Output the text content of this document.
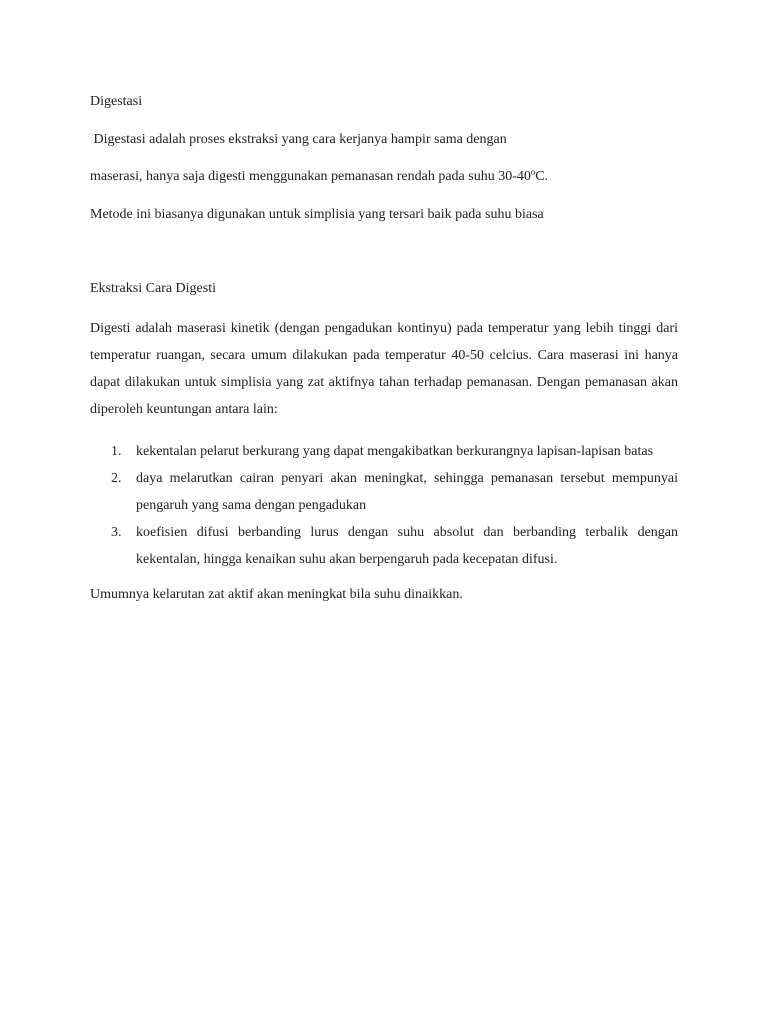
Digestasi

Digestasi adalah proses ekstraksi yang cara kerjanya hampir sama dengan

maserasi, hanya saja digesti menggunakan pemanasan rendah pada suhu 30-40ºC.

Metode ini biasanya digunakan untuk simplisia yang tersari baik pada suhu biasa

Ekstraksi Cara Digesti

Digesti adalah maserasi kinetik (dengan pengadukan kontinyu) pada temperatur yang lebih tinggi dari temperatur ruangan, secara umum dilakukan pada temperatur 40-50 celcius. Cara maserasi ini hanya dapat dilakukan untuk simplisia yang zat aktifnya tahan terhadap pemanasan. Dengan pemanasan akan diperoleh keuntungan antara lain:

1. kekentalan pelarut berkurang yang dapat mengakibatkan berkurangnya lapisan-lapisan batas
2. daya melarutkan cairan penyari akan meningkat, sehingga pemanasan tersebut mempunyai pengaruh yang sama dengan pengadukan
3. koefisien difusi berbanding lurus dengan suhu absolut dan berbanding terbalik dengan kekentalan, hingga kenaikan suhu akan berpengaruh pada kecepatan difusi.

Umumnya kelarutan zat aktif akan meningkat bila suhu dinaikkan.
